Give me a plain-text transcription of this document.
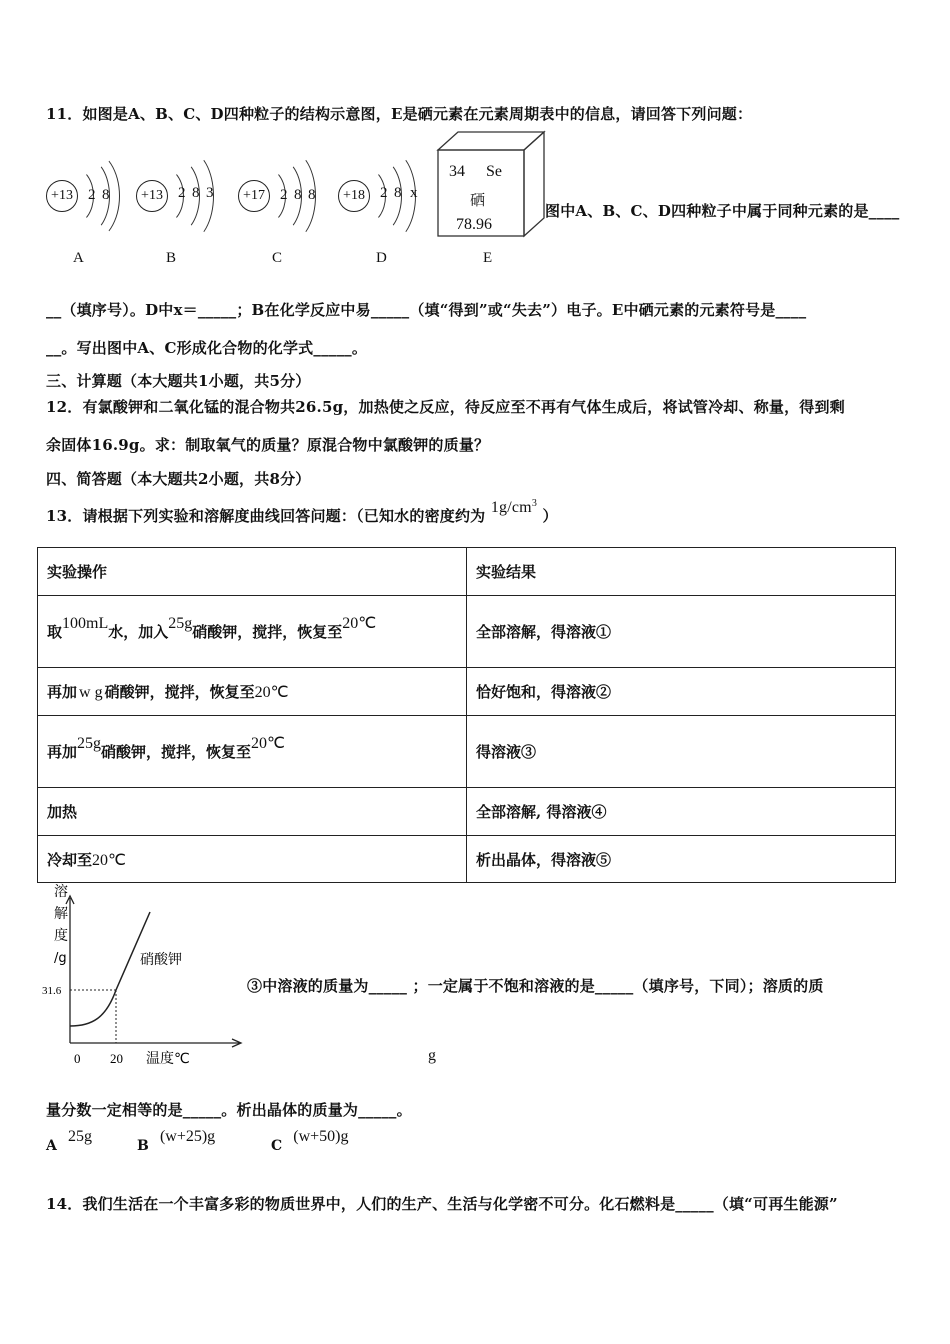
11．如图是A、B、C、D四种粒子的结构示意图，E是硒元素在元素周期表中的信息，请回答下列问题：
+13	2 8
A
+13	2 8 3
B
+17	2 8 8
C
+18	2 8 x
D
34 Se
硒
78.96
E
图中A、B、C、D四种粒子中属于同种元素的是____
__（填序号）。D中x＝_____；B在化学反应中易_____（填“得到”或“失去”）电子。E中硒元素的元素符号是____
__。写出图中A、C形成化合物的化学式_____。
三、计算题（本大题共1小题，共5分）
12．有氯酸钾和二氧化锰的混合物共26.5g，加热使之反应，待反应至不再有气体生成后，将试管冷却、称量，得到剩
余固体16.9g。求：制取氧气的质量？原混合物中氯酸钾的质量？
四、简答题（本大题共2小题，共8分）
13．请根据下列实验和溶解度曲线回答问题：（已知水的密度约为 $1g/cm^3$ ）
实验操作	实验结果
取100mL水，加入25g硝酸钾，搅拌，恢复至20℃	全部溶解，得溶液①
再加 w g 硝酸钾，搅拌，恢复至20℃	恰好饱和，得溶液②
再加25g硝酸钾，搅拌，恢复至20℃	得溶液③
加热	全部溶解, 得溶液④
冷却至20℃	析出晶体，得溶液⑤
溶
解
度
/g
31.6
0 20 温度℃
硝酸钾
③中溶液的质量为_____ ；一定属于不饱和溶液的是_____（填序号，下同）；溶质的质
g
量分数一定相等的是_____。析出晶体的质量为_____。
A 25g
B (w+25)g
C (w+50)g
14．我们生活在一个丰富多彩的物质世界中，人们的生产、生活与化学密不可分。化石燃料是_____（填“可再生能源”
